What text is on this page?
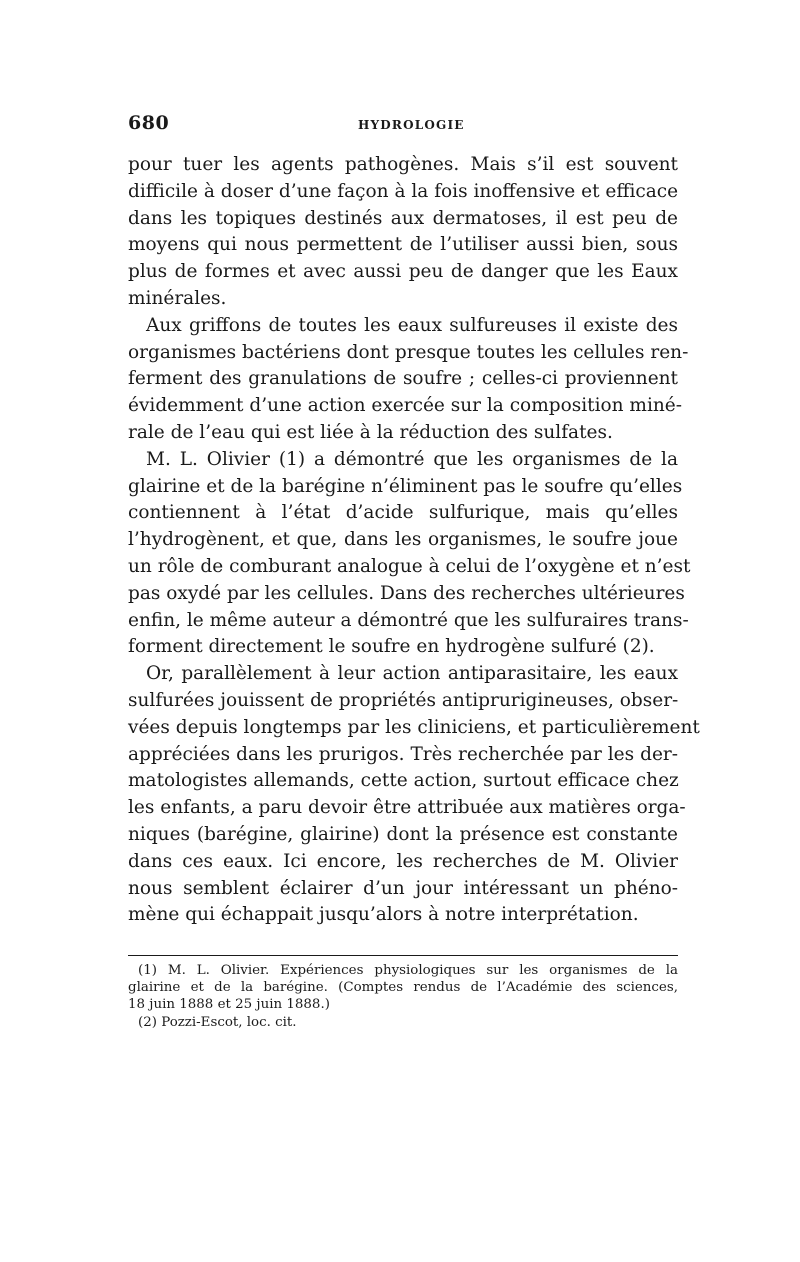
680	HYDROLOGIE
pour tuer les agents pathogènes. Mais s’il est souvent
difficile à doser d’une façon à la fois inoffensive et efficace
dans les topiques destinés aux dermatoses, il est peu de
moyens qui nous permettent de l’utiliser aussi bien, sous
plus de formes et avec aussi peu de danger que les Eaux
minérales.
Aux griffons de toutes les eaux sulfureuses il existe des
organismes bactériens dont presque toutes les cellules ren-
ferment des granulations de soufre ; celles-ci proviennent
évidemment d’une action exercée sur la composition miné-
rale de l’eau qui est liée à la réduction des sulfates.
M. L. Olivier (1) a démontré que les organismes de la
glairine et de la barégine n’éliminent pas le soufre qu’elles
contiennent à l’état d’acide sulfurique, mais qu’elles
l’hydrogènent, et que, dans les organismes, le soufre joue
un rôle de comburant analogue à celui de l’oxygène et n’est
pas oxydé par les cellules. Dans des recherches ultérieures
enfin, le même auteur a démontré que les sulfuraires trans-
forment directement le soufre en hydrogène sulfuré (2).
Or, parallèlement à leur action antiparasitaire, les eaux
sulfurées jouissent de propriétés antiprurigineuses, obser-
vées depuis longtemps par les cliniciens, et particulièrement
appréciées dans les prurigos. Très recherchée par les der-
matologistes allemands, cette action, surtout efficace chez
les enfants, a paru devoir être attribuée aux matières orga-
niques (barégine, glairine) dont la présence est constante
dans ces eaux. Ici encore, les recherches de M. Olivier
nous semblent éclairer d’un jour intéressant un phéno-
mène qui échappait jusqu’alors à notre interprétation.
(1) M. L. Olivier. Expériences physiologiques sur les organismes de la
glairine et de la barégine. (Comptes rendus de l’Académie des sciences,
18 juin 1888 et 25 juin 1888.)
(2) Pozzi-Escot, loc. cit.
